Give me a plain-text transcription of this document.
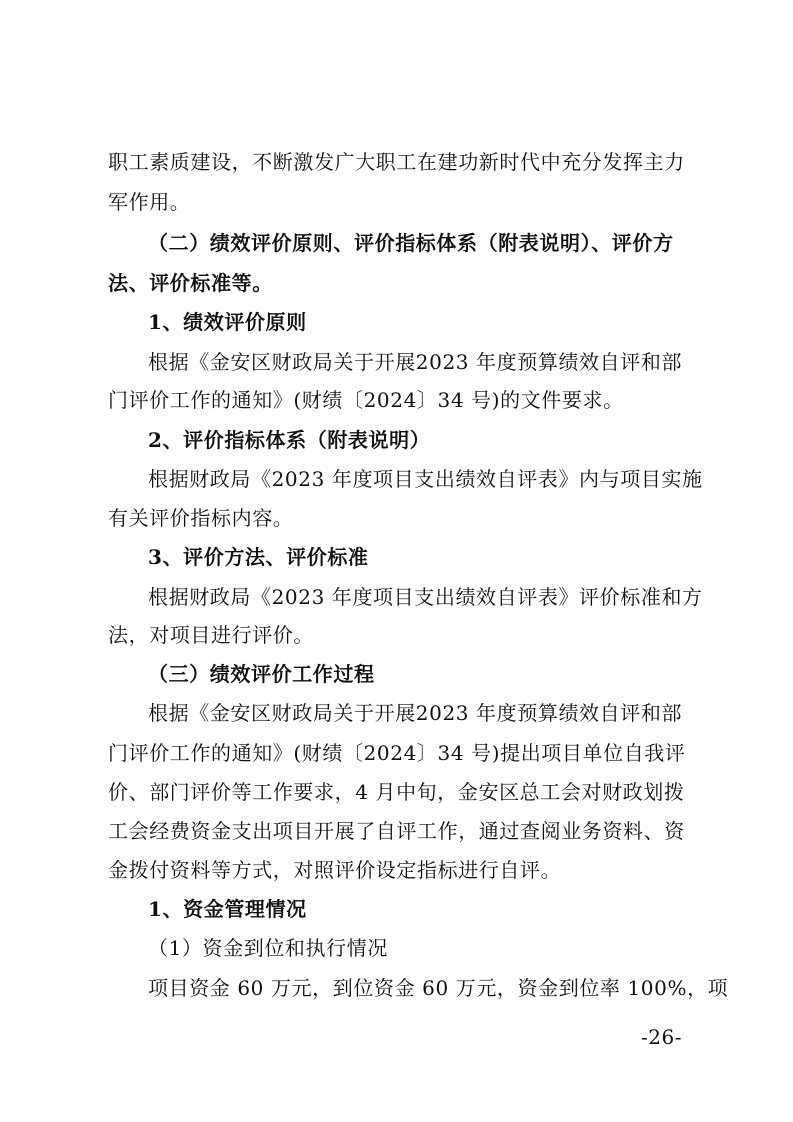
职工素质建设，不断激发广大职工在建功新时代中充分发挥主力
军作用。
（二）绩效评价原则、评价指标体系（附表说明）、评价方
法、评价标准等。
1、绩效评价原则
根据《金安区财政局关于开展2023 年度预算绩效自评和部
门评价工作的通知》(财绩〔2024〕34 号)的文件要求。
2、评价指标体系（附表说明）
根据财政局《2023 年度项目支出绩效自评表》内与项目实施
有关评价指标内容。
3、评价方法、评价标准
根据财政局《2023 年度项目支出绩效自评表》评价标准和方
法，对项目进行评价。
（三）绩效评价工作过程
根据《金安区财政局关于开展2023 年度预算绩效自评和部
门评价工作的通知》(财绩〔2024〕34 号)提出项目单位自我评
价、部门评价等工作要求，4 月中旬，金安区总工会对财政划拨
工会经费资金支出项目开展了自评工作，通过查阅业务资料、资
金拨付资料等方式，对照评价设定指标进行自评。
1、资金管理情况
（1）资金到位和执行情况
项目资金 60 万元，到位资金 60 万元，资金到位率 100%，项
-26-
